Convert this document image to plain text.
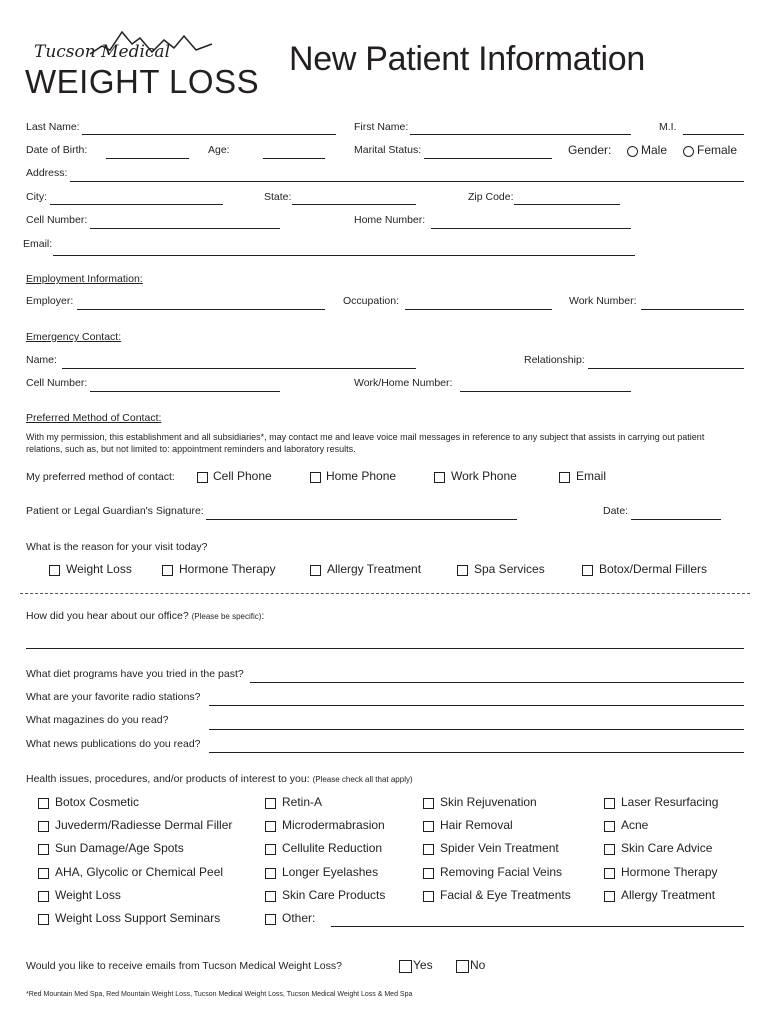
Tucson Medical
WEIGHT LOSS
New Patient Information
Last Name:	First Name:	M.I.
Date of Birth:	Age:	Marital Status:	Gender: Male Female
Address:
City:	State:	Zip Code:
Cell Number:	Home Number:
Email:
Employment Information:
Employer:	Occupation:	Work Number:
Emergency Contact:
Name:	Relationship:
Cell Number:	Work/Home Number:
Preferred Method of Contact:
With my permission, this establishment and all subsidiaries*, may contact me and leave voice mail messages in reference to any subject that assists in carrying out patient
relations, such as, but not limited to: appointment reminders and laboratory results.
My preferred method of contact:	Cell Phone	Home Phone	Work Phone	Email
Patient or Legal Guardian's Signature:	Date:
What is the reason for your visit today?
Weight Loss	Hormone Therapy	Allergy Treatment	Spa Services	Botox/Dermal Fillers
How did you hear about our office? (Please be specific):
What diet programs have you tried in the past?
What are your favorite radio stations?
What magazines do you read?
What news publications do you read?
Health issues, procedures, and/or products of interest to you: (Please check all that apply)
Botox Cosmetic
Juvederm/Radiesse Dermal Filler
Sun Damage/Age Spots
AHA, Glycolic or Chemical Peel
Weight Loss
Weight Loss Support Seminars
Retin-A
Microdermabrasion
Cellulite Reduction
Longer Eyelashes
Skin Care Products
Other:
Skin Rejuvenation
Hair Removal
Spider Vein Treatment
Removing Facial Veins
Facial & Eye Treatments
Laser Resurfacing
Acne
Skin Care Advice
Hormone Therapy
Allergy Treatment
Would you like to receive emails from Tucson Medical Weight Loss?	Yes	No
*Red Mountain Med Spa, Red Mountain Weight Loss, Tucson Medical Weight Loss, Tucson Medical Weight Loss & Med Spa
